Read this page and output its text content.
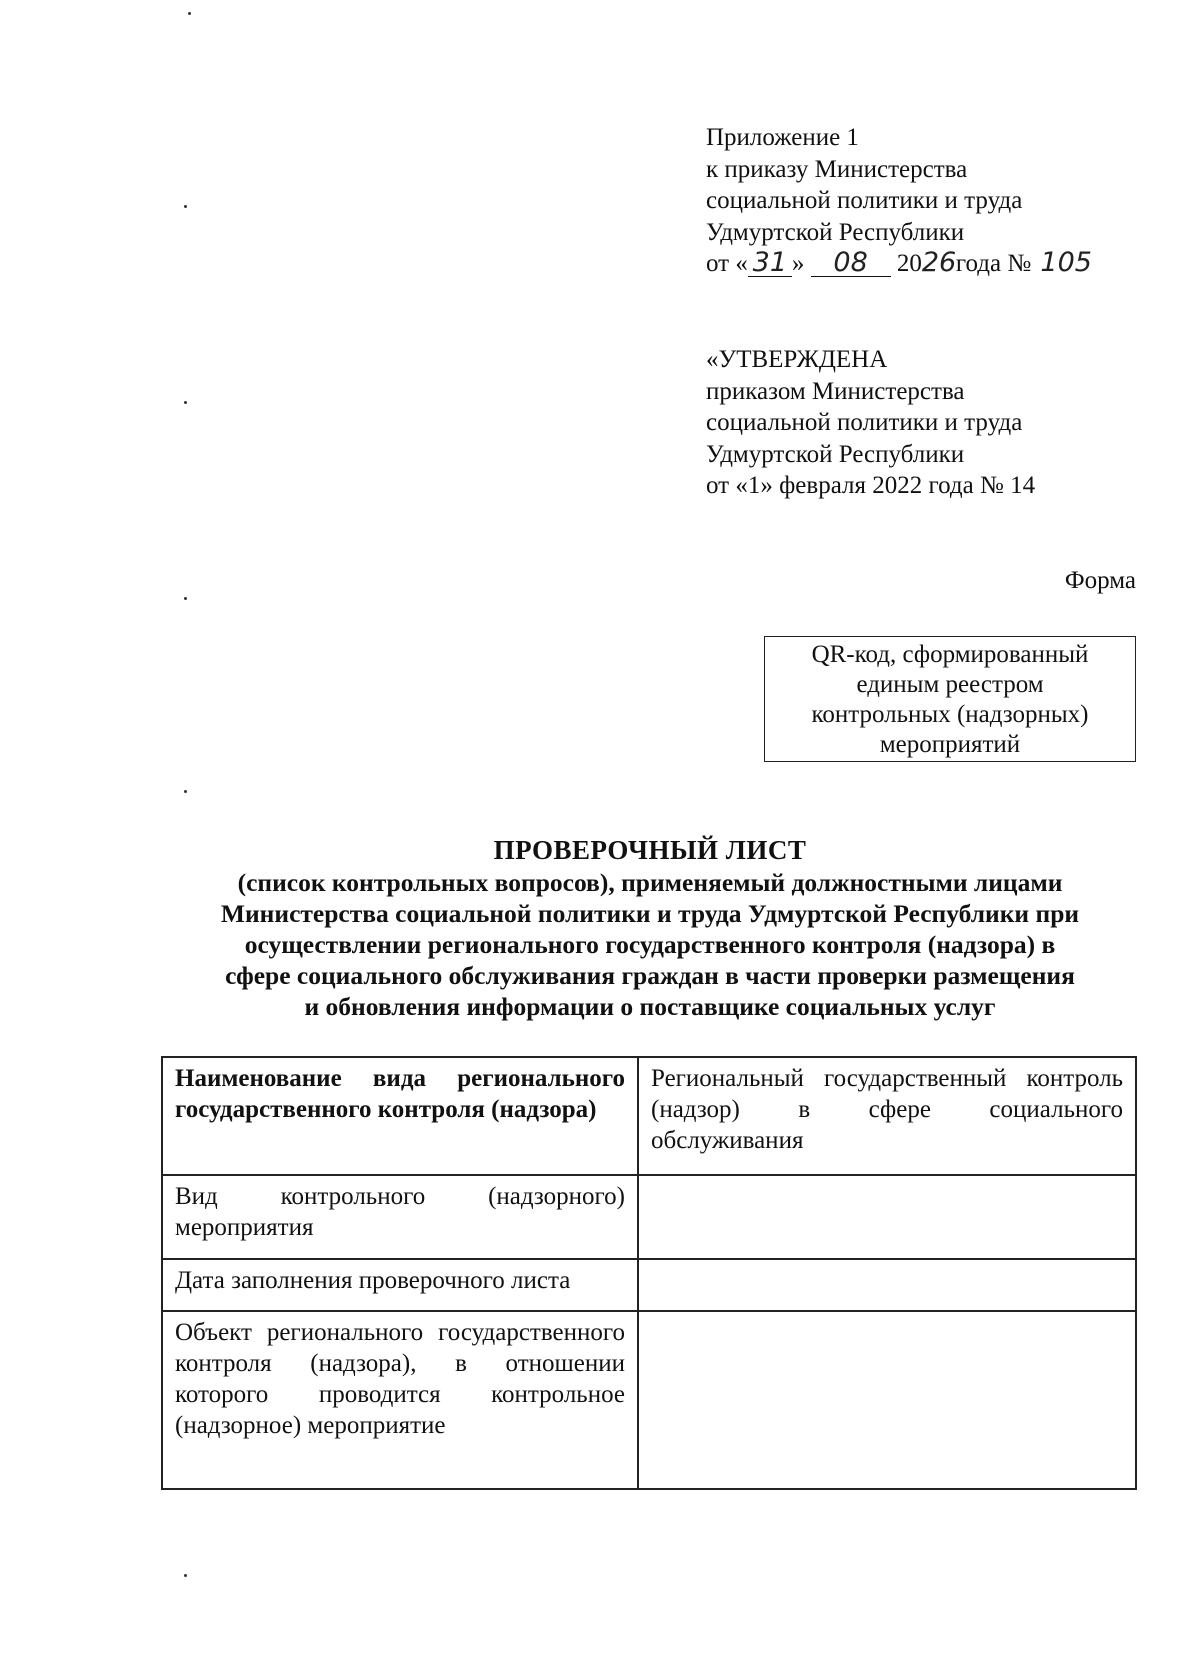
Приложение 1
к приказу Министерства
социальной политики и труда
Удмуртской Республики
от « 31 » 08 2026года № 105
«УТВЕРЖДЕНА
приказом Министерства
социальной политики и труда
Удмуртской Республики
от «1» февраля 2022 года № 14
Форма
QR-код, сформированный
единым реестром
контрольных (надзорных)
мероприятий
ПРОВЕРОЧНЫЙ ЛИСТ
(список контрольных вопросов), применяемый должностными лицами
Министерства социальной политики и труда Удмуртской Республики при
осуществлении регионального государственного контроля (надзора) в
сфере социального обслуживания граждан в части проверки размещения
и обновления информации о поставщике социальных услуг
Наименование вида регионального государственного контроля (надзора)	Региональный государственный контроль (надзор) в сфере социального обслуживания
Вид контрольного (надзорного) мероприятия	
Дата заполнения проверочного листа	
Объект регионального государственного контроля (надзора), в отношении которого проводится контрольное (надзорное) мероприятие	
